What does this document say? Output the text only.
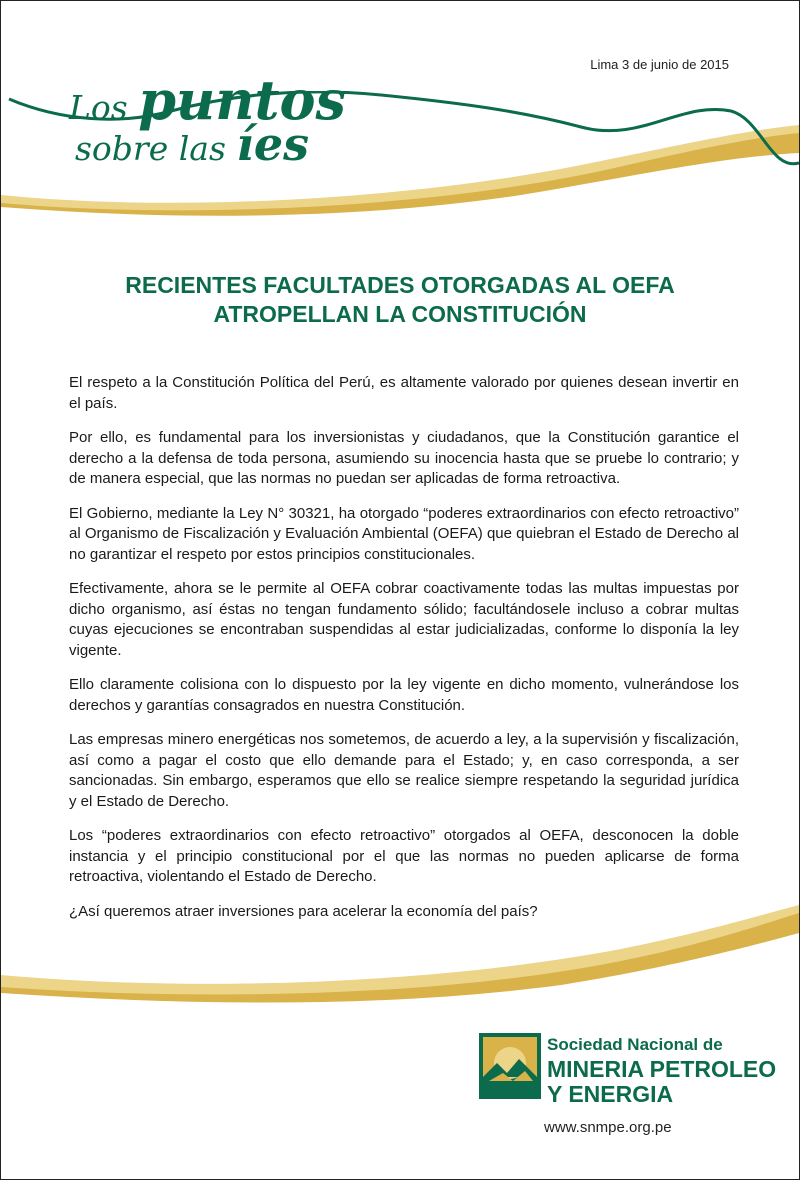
Lima 3 de junio de 2015
Los puntos
sobre las íes
RECIENTES FACULTADES OTORGADAS AL OEFA
ATROPELLAN LA CONSTITUCIÓN

El respeto a la Constitución Política del Perú, es altamente valorado por quienes desean invertir en el país.

Por ello, es fundamental para los inversionistas y ciudadanos, que la Constitución garantice el derecho a la defensa de toda persona, asumiendo su inocencia hasta que se pruebe lo contrario; y de manera especial, que las normas no puedan ser aplicadas de forma retroactiva.

El Gobierno, mediante la Ley N° 30321, ha otorgado “poderes extraordinarios con efecto retroactivo” al Organismo de Fiscalización y Evaluación Ambiental (OEFA) que quiebran el Estado de Derecho al no garantizar el respeto por estos principios constitucionales.

Efectivamente, ahora se le permite al OEFA cobrar coactivamente todas las multas impuestas por dicho organismo, así éstas no tengan fundamento sólido; facultándosele incluso a cobrar multas cuyas ejecuciones se encontraban suspendidas al estar judicializadas, conforme lo disponía la ley vigente.

Ello claramente colisiona con lo dispuesto por la ley vigente en dicho momento, vulnerándose los derechos y garantías consagrados en nuestra Constitución.

Las empresas minero energéticas nos sometemos, de acuerdo a ley, a la supervisión y fiscalización, así como a pagar el costo que ello demande para el Estado; y, en caso corresponda, a ser sancionadas. Sin embargo, esperamos que ello se realice siempre respetando la seguridad jurídica y el Estado de Derecho.

Los “poderes extraordinarios con efecto retroactivo” otorgados al OEFA, desconocen la doble instancia y el principio constitucional por el que las normas no pueden aplicarse de forma retroactiva, violentando el Estado de Derecho.

¿Así queremos atraer inversiones para acelerar la economía del país?

Sociedad Nacional de
MINERIA PETROLEO
Y ENERGIA
www.snmpe.org.pe
